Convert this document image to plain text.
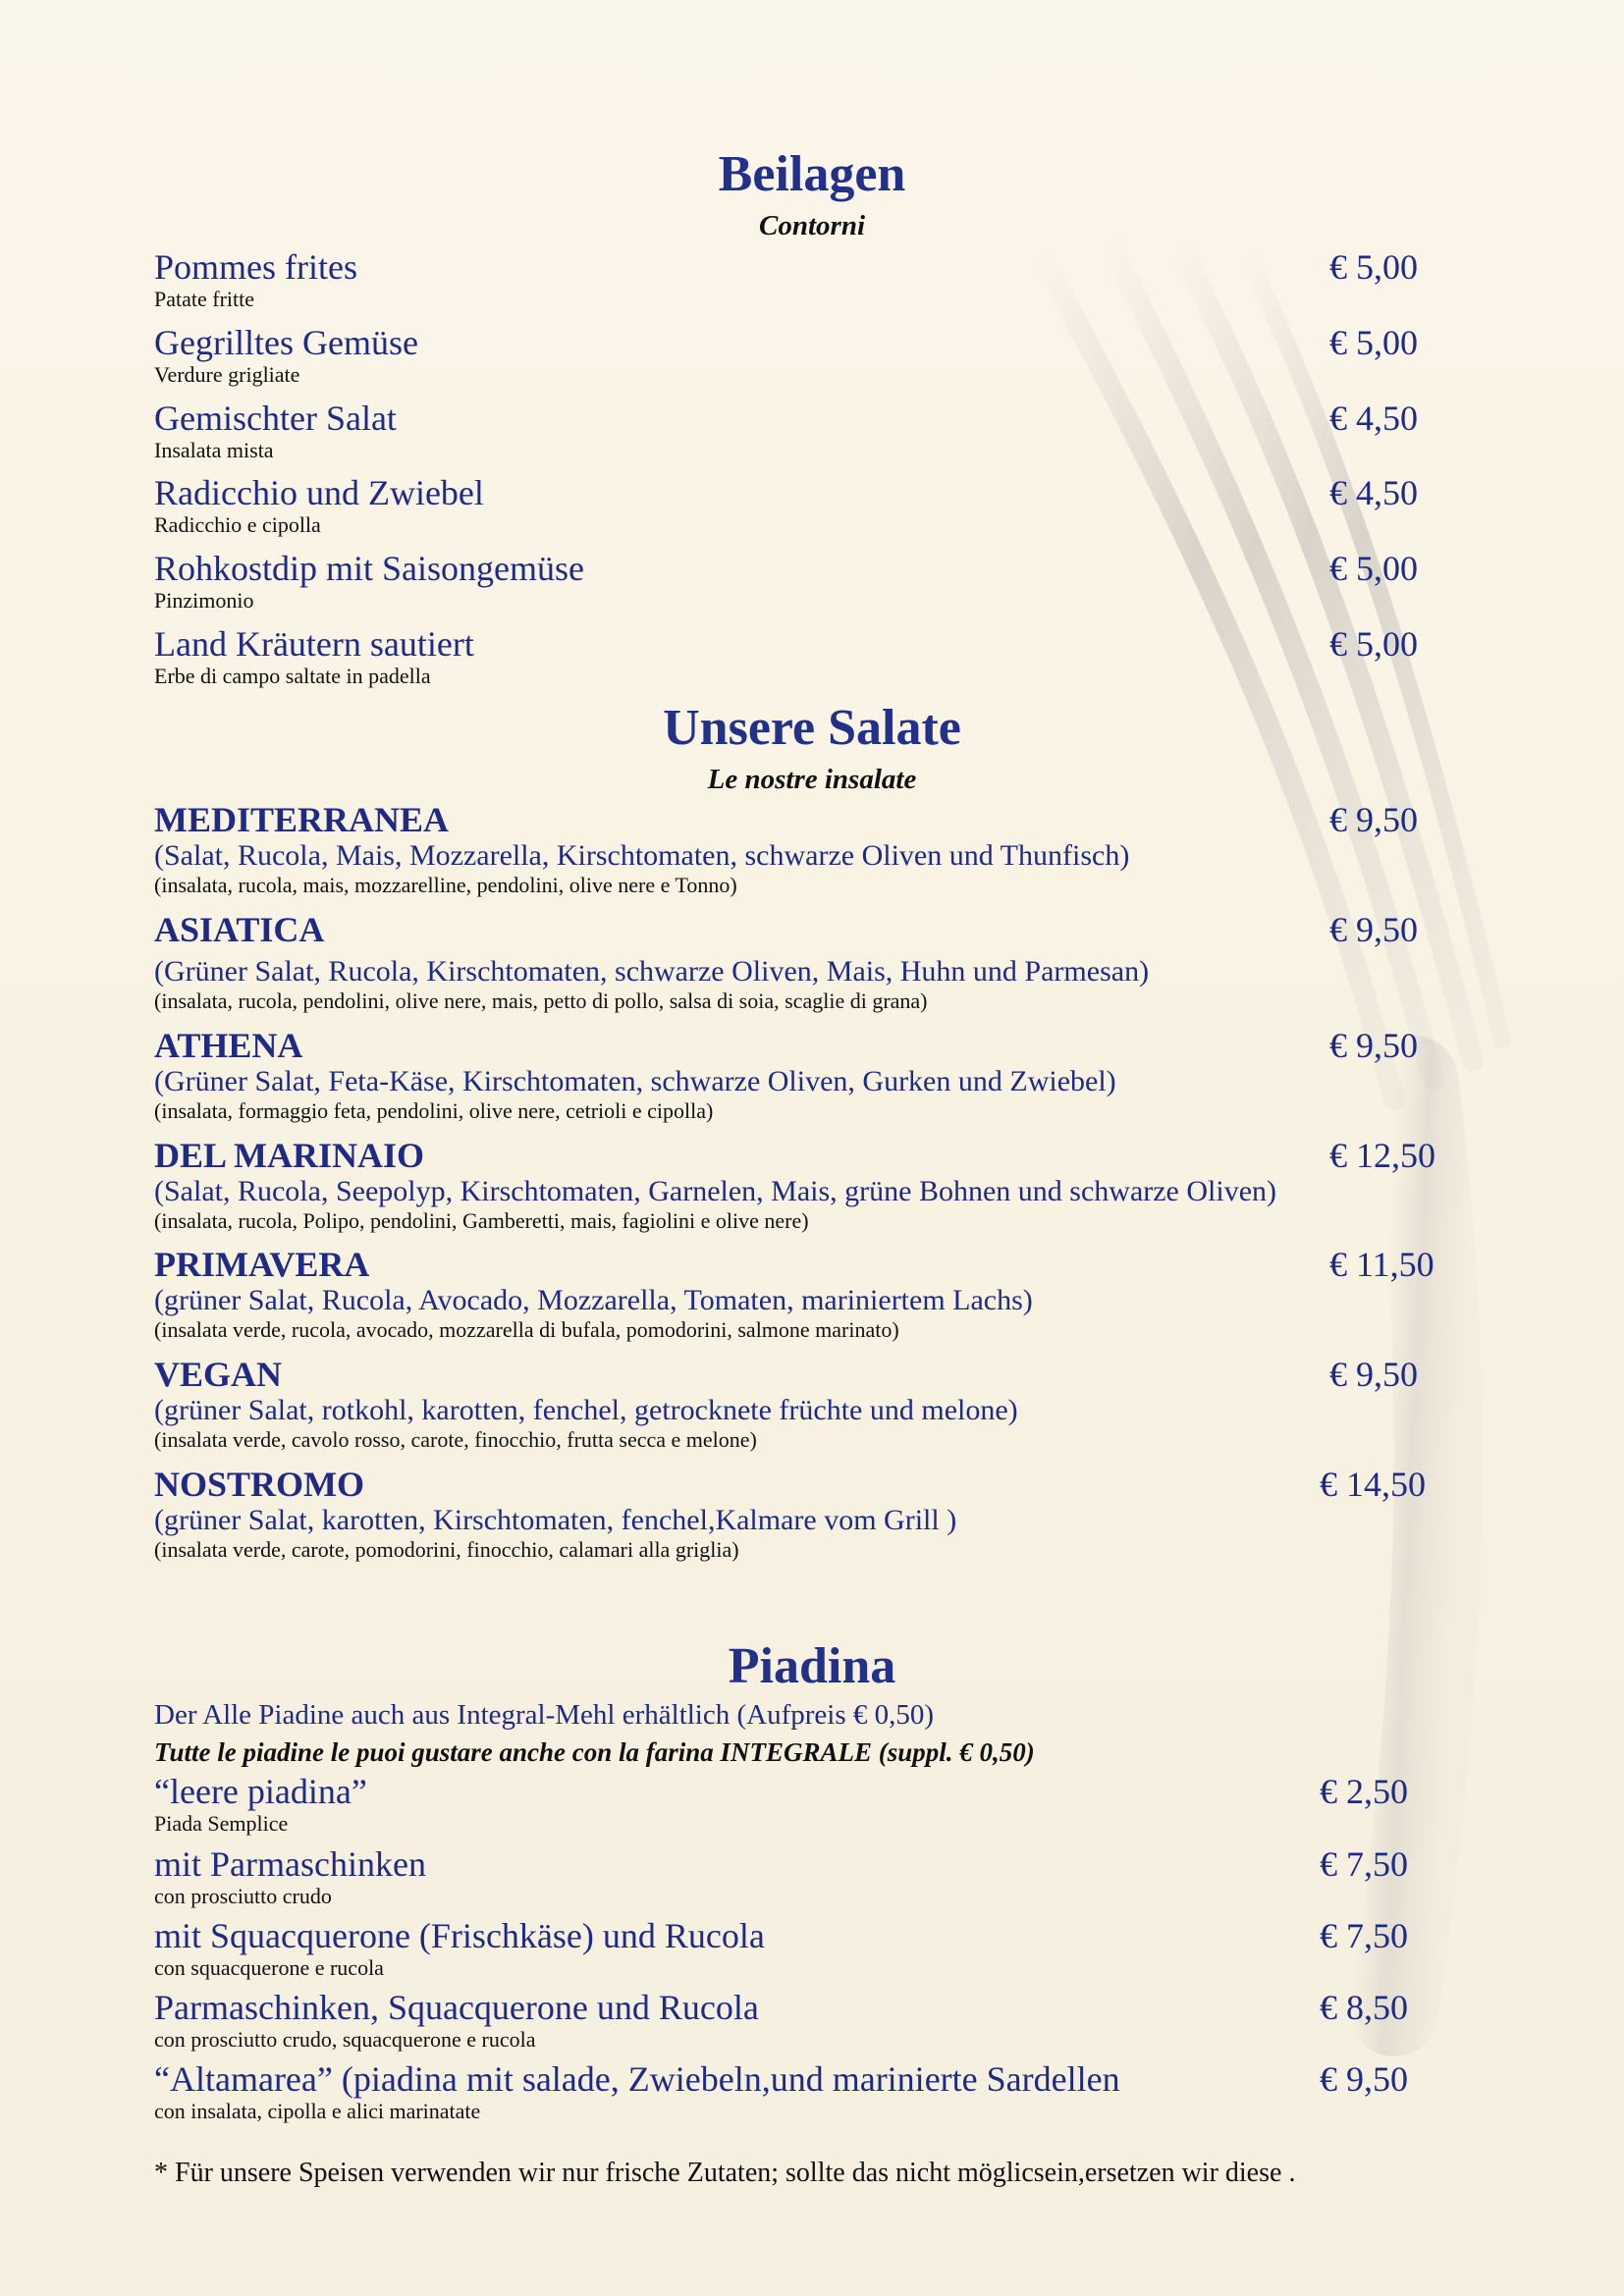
Beilagen
Contorni
Pommes frites
Patate fritte
€ 5,00
Gegrilltes Gemüse
Verdure grigliate
€ 5,00
Gemischter Salat
Insalata mista
€ 4,50
Radicchio und Zwiebel
Radicchio e cipolla
€ 4,50
Rohkostdip mit Saisongemüse
Pinzimonio
€ 5,00
Land Kräutern sautiert
Erbe di campo saltate in padella
€ 5,00
Unsere Salate
Le nostre insalate
MEDITERRANEA
(Salat, Rucola, Mais, Mozzarella, Kirschtomaten, schwarze Oliven und Thunfisch)
(insalata, rucola, mais, mozzarelline, pendolini, olive nere e Tonno)
€ 9,50
ASIATICA
(Grüner Salat, Rucola, Kirschtomaten, schwarze Oliven, Mais, Huhn und Parmesan)
(insalata, rucola, pendolini, olive nere, mais, petto di pollo, salsa di soia, scaglie di grana)
€ 9,50
ATHENA
(Grüner Salat, Feta-Käse, Kirschtomaten, schwarze Oliven, Gurken und Zwiebel)
(insalata, formaggio feta, pendolini, olive nere, cetrioli e cipolla)
€ 9,50
DEL MARINAIO
(Salat, Rucola, Seepolyp, Kirschtomaten, Garnelen, Mais, grüne Bohnen und schwarze Oliven)
(insalata, rucola, Polipo, pendolini, Gamberetti, mais, fagiolini e olive nere)
€ 12,50
PRIMAVERA
(grüner Salat, Rucola, Avocado, Mozzarella, Tomaten, mariniertem Lachs)
(insalata verde, rucola, avocado, mozzarella di bufala, pomodorini, salmone marinato)
€ 11,50
VEGAN
(grüner Salat, rotkohl, karotten, fenchel, getrocknete früchte und melone)
(insalata verde, cavolo rosso, carote, finocchio, frutta secca e melone)
€ 9,50
NOSTROMO
(grüner Salat, karotten, Kirschtomaten, fenchel,Kalmare vom Grill )
(insalata verde, carote, pomodorini, finocchio, calamari alla griglia)
€ 14,50
Piadina
Der Alle Piadine auch aus Integral-Mehl erhältlich (Aufpreis € 0,50)
Tutte le piadine le puoi gustare anche con la farina INTEGRALE (suppl. € 0,50)
“leere piadina”
Piada Semplice
€ 2,50
mit Parmaschinken
con prosciutto crudo
€ 7,50
mit Squacquerone (Frischkäse) und Rucola
con squacquerone e rucola
€ 7,50
Parmaschinken, Squacquerone und Rucola
con prosciutto crudo, squacquerone e rucola
€ 8,50
“Altamarea” (piadina mit salade, Zwiebeln,und marinierte Sardellen
con insalata, cipolla e alici marinatate
€ 9,50
* Für unsere Speisen verwenden wir nur frische Zutaten; sollte das nicht möglicsein,ersetzen wir diese .
